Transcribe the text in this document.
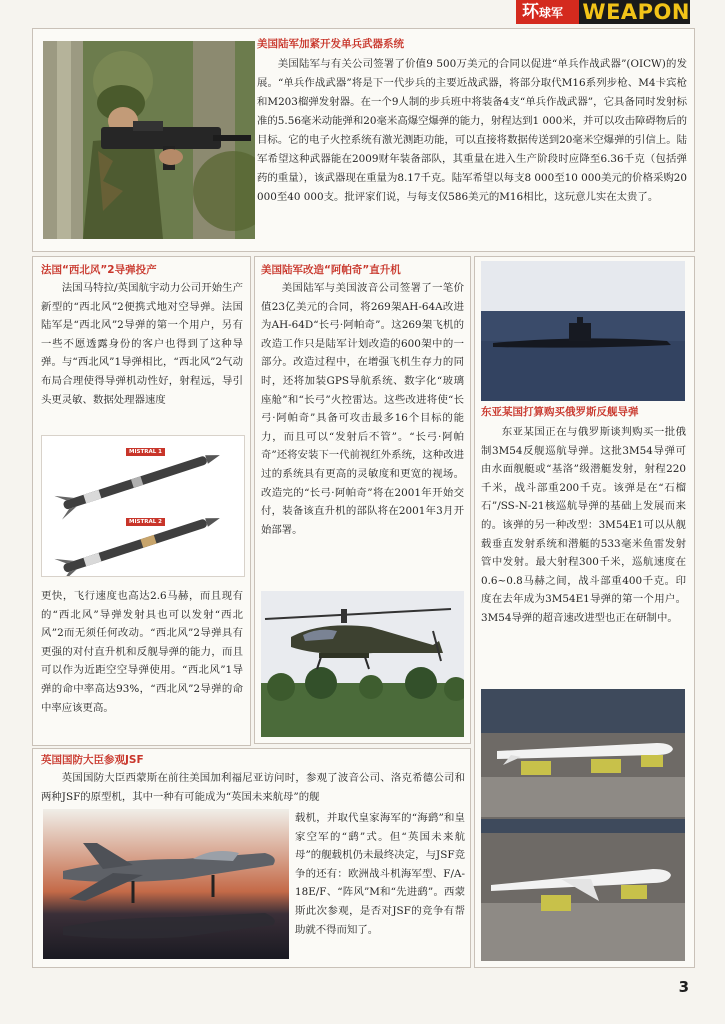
环球军 WEAPON
美国陆军加紧开发单兵武器系统

美国陆军与有关公司签署了价值9 500万美元的合同以促进“单兵作战武器”(OICW)的发展。“单兵作战武器”将是下一代步兵的主要近战武器，将部分取代M16系列步枪、M4卡宾枪和M203榴弹发射器。在一个9人制的步兵班中将装备4支“单兵作战武器”，它具备同时发射标准的5.56毫米动能弹和20毫米高爆空爆弹的能力，射程达到1 000米，并可以攻击障碍物后的目标。它的电子火控系统有激光测距功能，可以直接将数据传送到20毫米空爆弹的引信上。陆军希望这种武器能在2009财年装备部队，其重量在进入生产阶段时应降至6.36千克（包括弹药的重量），该武器现在重量为8.17千克。陆军希望以每支8 000至10 000美元的价格采购20 000至40 000支。批评家们说，与每支仅586美元的M16相比，这玩意儿实在太贵了。

法国“西北风”2导弹投产

法国马特拉/英国航宇动力公司开始生产新型的“西北风”2便携式地对空导弹。法国陆军是“西北风”2导弹的第一个用户，另有一些不愿透露身份的客户也得到了这种导弹。与“西北风”1导弹相比，“西北风”2气动布局合理使得导弹机动性好，射程远，导引头更灵敏、数据处理器速度

MISTRAL 1
MISTRAL 2

更快，飞行速度也高达2.6马赫，而且现有的“西北风”导弹发射具也可以发射“西北风”2而无须任何改动。“西北风”2导弹具有更强的对付直升机和反舰导弹的能力，而且可以作为近距空空导弹使用。“西北风”1导弹的命中率高达93%，“西北风”2导弹的命中率应该更高。

美国陆军改造“阿帕奇”直升机

美国陆军与美国波音公司签署了一笔价值23亿美元的合同，将269架AH-64A改进为AH-64D“长弓·阿帕奇”。这269架飞机的改造工作只是陆军计划改造的600架中的一部分。改造过程中，在增强飞机生存力的同时，还将加装GPS导航系统、数字化“玻璃座舱”和“长弓”火控雷达。这些改进将使“长弓·阿帕奇”具备可攻击最多16个目标的能力，而且可以“发射后不管”。“长弓·阿帕奇”还将安装下一代前视红外系统，这种改进过的系统具有更高的灵敏度和更宽的视场。改造完的“长弓·阿帕奇”将在2001年开始交付，装备该直升机的部队将在2001年3月开始部署。

东亚某国打算购买俄罗斯反舰导弹

东亚某国正在与俄罗斯谈判购买一批俄制3M54反舰巡航导弹。这批3M54导弹可由水面舰艇或“基洛”级潜艇发射，射程220千米，战斗部重200千克。该弹是在“石榴石”/SS-N-21核巡航导弹的基础上发展而来的。该弹的另一种改型：3M54E1可以从舰载垂直发射系统和潜艇的533毫米鱼雷发射管中发射。最大射程300千米，巡航速度在0.6~0.8马赫之间，战斗部重400千克。印度在去年成为3M54E1导弹的第一个用户。3M54导弹的超音速改进型也正在研制中。

英国国防大臣参观JSF

英国国防大臣西蒙斯在前往美国加利福尼亚访问时，参观了波音公司、洛克希德公司和两种JSF的原型机，其中一种有可能成为“英国未来航母”的舰

载机，并取代皇家海军的“海鹞”和皇家空军的“鹞”式。但“英国未来航母”的舰载机仍未最终决定，与JSF竞争的还有：欧洲战斗机海军型、F/A-18E/F、“阵风”M和“先进鹞”。西蒙斯此次参观，是否对JSF的竞争有帮助就不得而知了。

3
